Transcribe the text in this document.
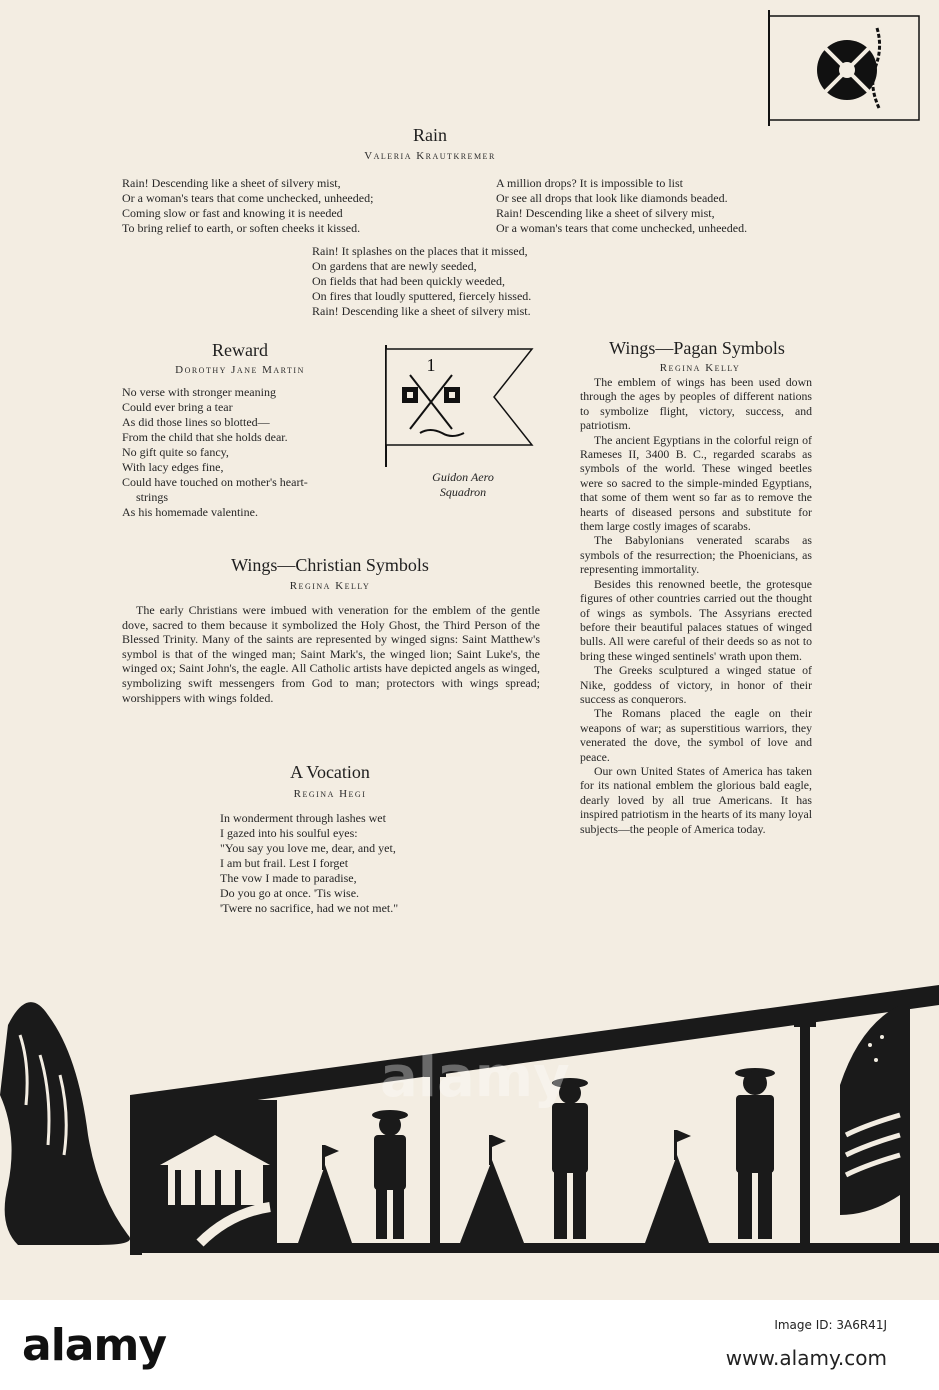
Rain
Valeria Krautkremer
Rain! Descending like a sheet of silvery mist,
Or a woman's tears that come unchecked, unheeded;
Coming slow or fast and knowing it is needed
To bring relief to earth, or soften cheeks it kissed.
A million drops? It is impossible to list
Or see all drops that look like diamonds beaded.
Rain! Descending like a sheet of silvery mist,
Or a woman's tears that come unchecked, unheeded.
Rain! It splashes on the places that it missed,
On gardens that are newly seeded,
On fields that had been quickly weeded,
On fires that loudly sputtered, fiercely hissed.
Rain! Descending like a sheet of silvery mist.
Reward
Dorothy Jane Martin
No verse with stronger meaning
Could ever bring a tear
As did those lines so blotted—
From the child that she holds dear.
No gift quite so fancy,
With lacy edges fine,
Could have touched on mother's heart-
strings
As his homemade valentine.
1
Guidon Aero
Squadron
Wings—Christian Symbols
Regina Kelly

The early Christians were imbued with veneration for the emblem of the gentle dove, sacred to them because it symbolized the Holy Ghost, the Third Person of the Blessed Trinity. Many of the saints are represented by winged signs: Saint Matthew's symbol is that of the winged man; Saint Mark's, the winged lion; Saint Luke's, the winged ox; Saint John's, the eagle. All Catholic artists have depicted angels as winged, symbolizing swift messengers from God to man; protectors with wings spread; worshippers with wings folded.

A Vocation
Regina Hegi
In wonderment through lashes wet
I gazed into his soulful eyes:
"You say you love me, dear, and yet,
I am but frail. Lest I forget
The vow I made to paradise,
Do you go at once. 'Tis wise.
'Twere no sacrifice, had we not met."
Wings—Pagan Symbols
Regina Kelly

The emblem of wings has been used down through the ages by peoples of different nations to symbolize flight, victory, success, and patriotism.

The ancient Egyptians in the colorful reign of Rameses II, 3400 B. C., regarded scarabs as symbols of the world. These winged beetles were so sacred to the simple-minded Egyptians, that some of them went so far as to remove the hearts of diseased persons and substitute for them large costly images of scarabs.

The Babylonians venerated scarabs as symbols of the resurrection; the Phoenicians, as representing immortality.

Besides this renowned beetle, the grotesque figures of other countries carried out the thought of wings as symbols. The Assyrians erected before their beautiful palaces statues of winged bulls. All were careful of their deeds so as not to bring these winged sentinels' wrath upon them.

The Greeks sculptured a winged statue of Nike, goddess of victory, in honor of their success as conquerors.

The Romans placed the eagle on their weapons of war; as superstitious warriors, they venerated the dove, the symbol of love and peace.

Our own United States of America has taken for its national emblem the glorious bald eagle, dearly loved by all true Americans. It has inspired patriotism in the hearts of its many loyal subjects—the people of America today.

alamy
alamy	Image ID: 3A6R41J
www.alamy.com
